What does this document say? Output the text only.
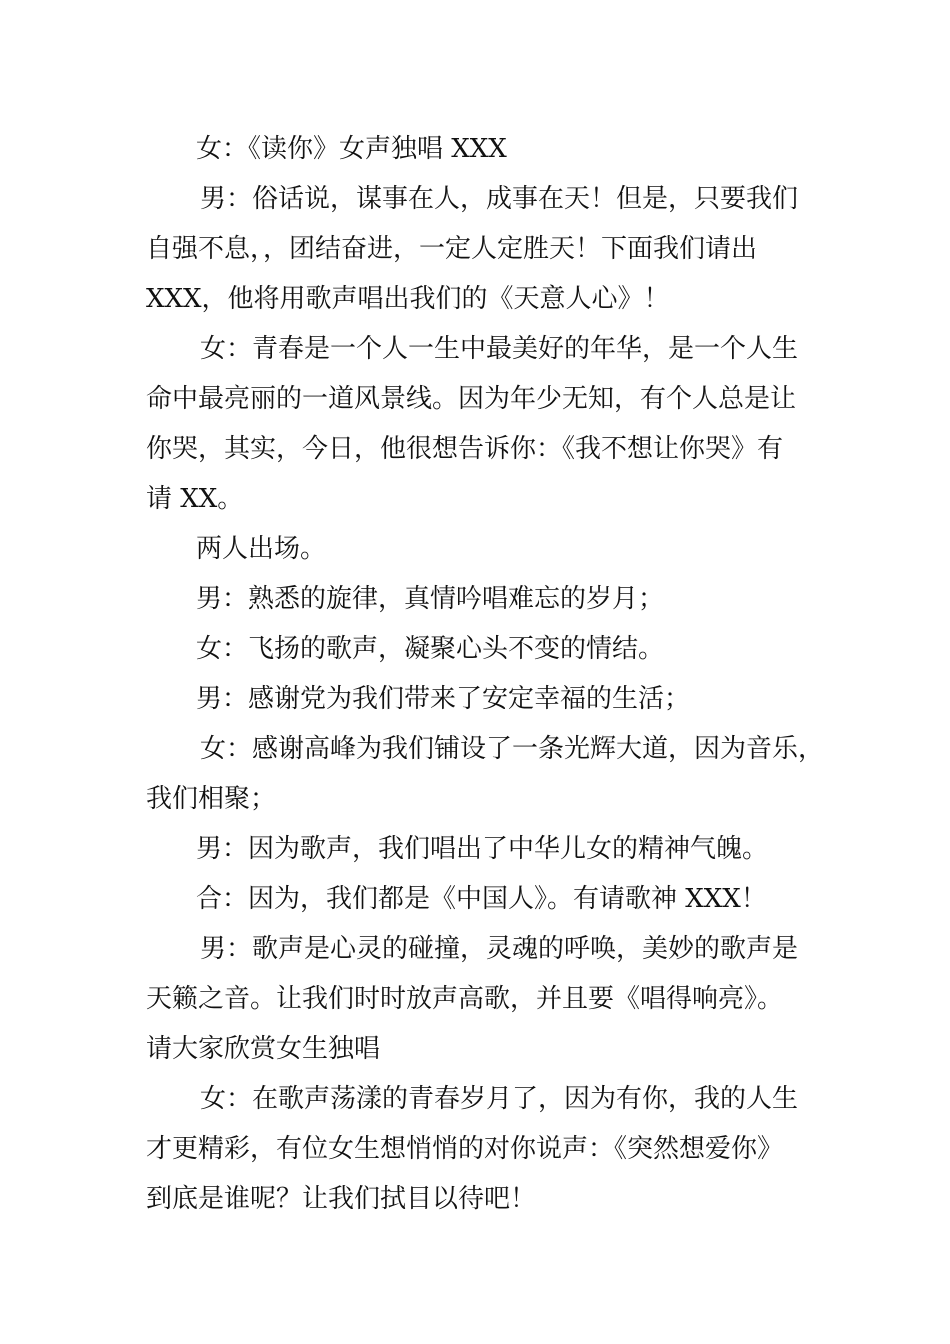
女：《读你》女声独唱 XXX

男：俗话说，谋事在人，成事在天！但是，只要我们

自强不息，，团结奋进，一定人定胜天！下面我们请出

XXX，他将用歌声唱出我们的《天意人心》！

女：青春是一个人一生中最美好的年华，是一个人生

命中最亮丽的一道风景线。因为年少无知，有个人总是让

你哭，其实，今日，他很想告诉你：《我不想让你哭》有

请 XX。

两人出场。

男：熟悉的旋律，真情吟唱难忘的岁月；

女：飞扬的歌声，凝聚心头不变的情结。

男：感谢党为我们带来了安定幸福的生活；

女：感谢高峰为我们铺设了一条光辉大道，因为音乐，

我们相聚；

男：因为歌声，我们唱出了中华儿女的精神气魄。

合：因为，我们都是《中国人》。有请歌神 XXX！

男：歌声是心灵的碰撞，灵魂的呼唤，美妙的歌声是

天籁之音。让我们时时放声高歌，并且要《唱得响亮》。

请大家欣赏女生独唱

女：在歌声荡漾的青春岁月了，因为有你，我的人生

才更精彩，有位女生想悄悄的对你说声：《突然想爱你》

到底是谁呢？让我们拭目以待吧！
